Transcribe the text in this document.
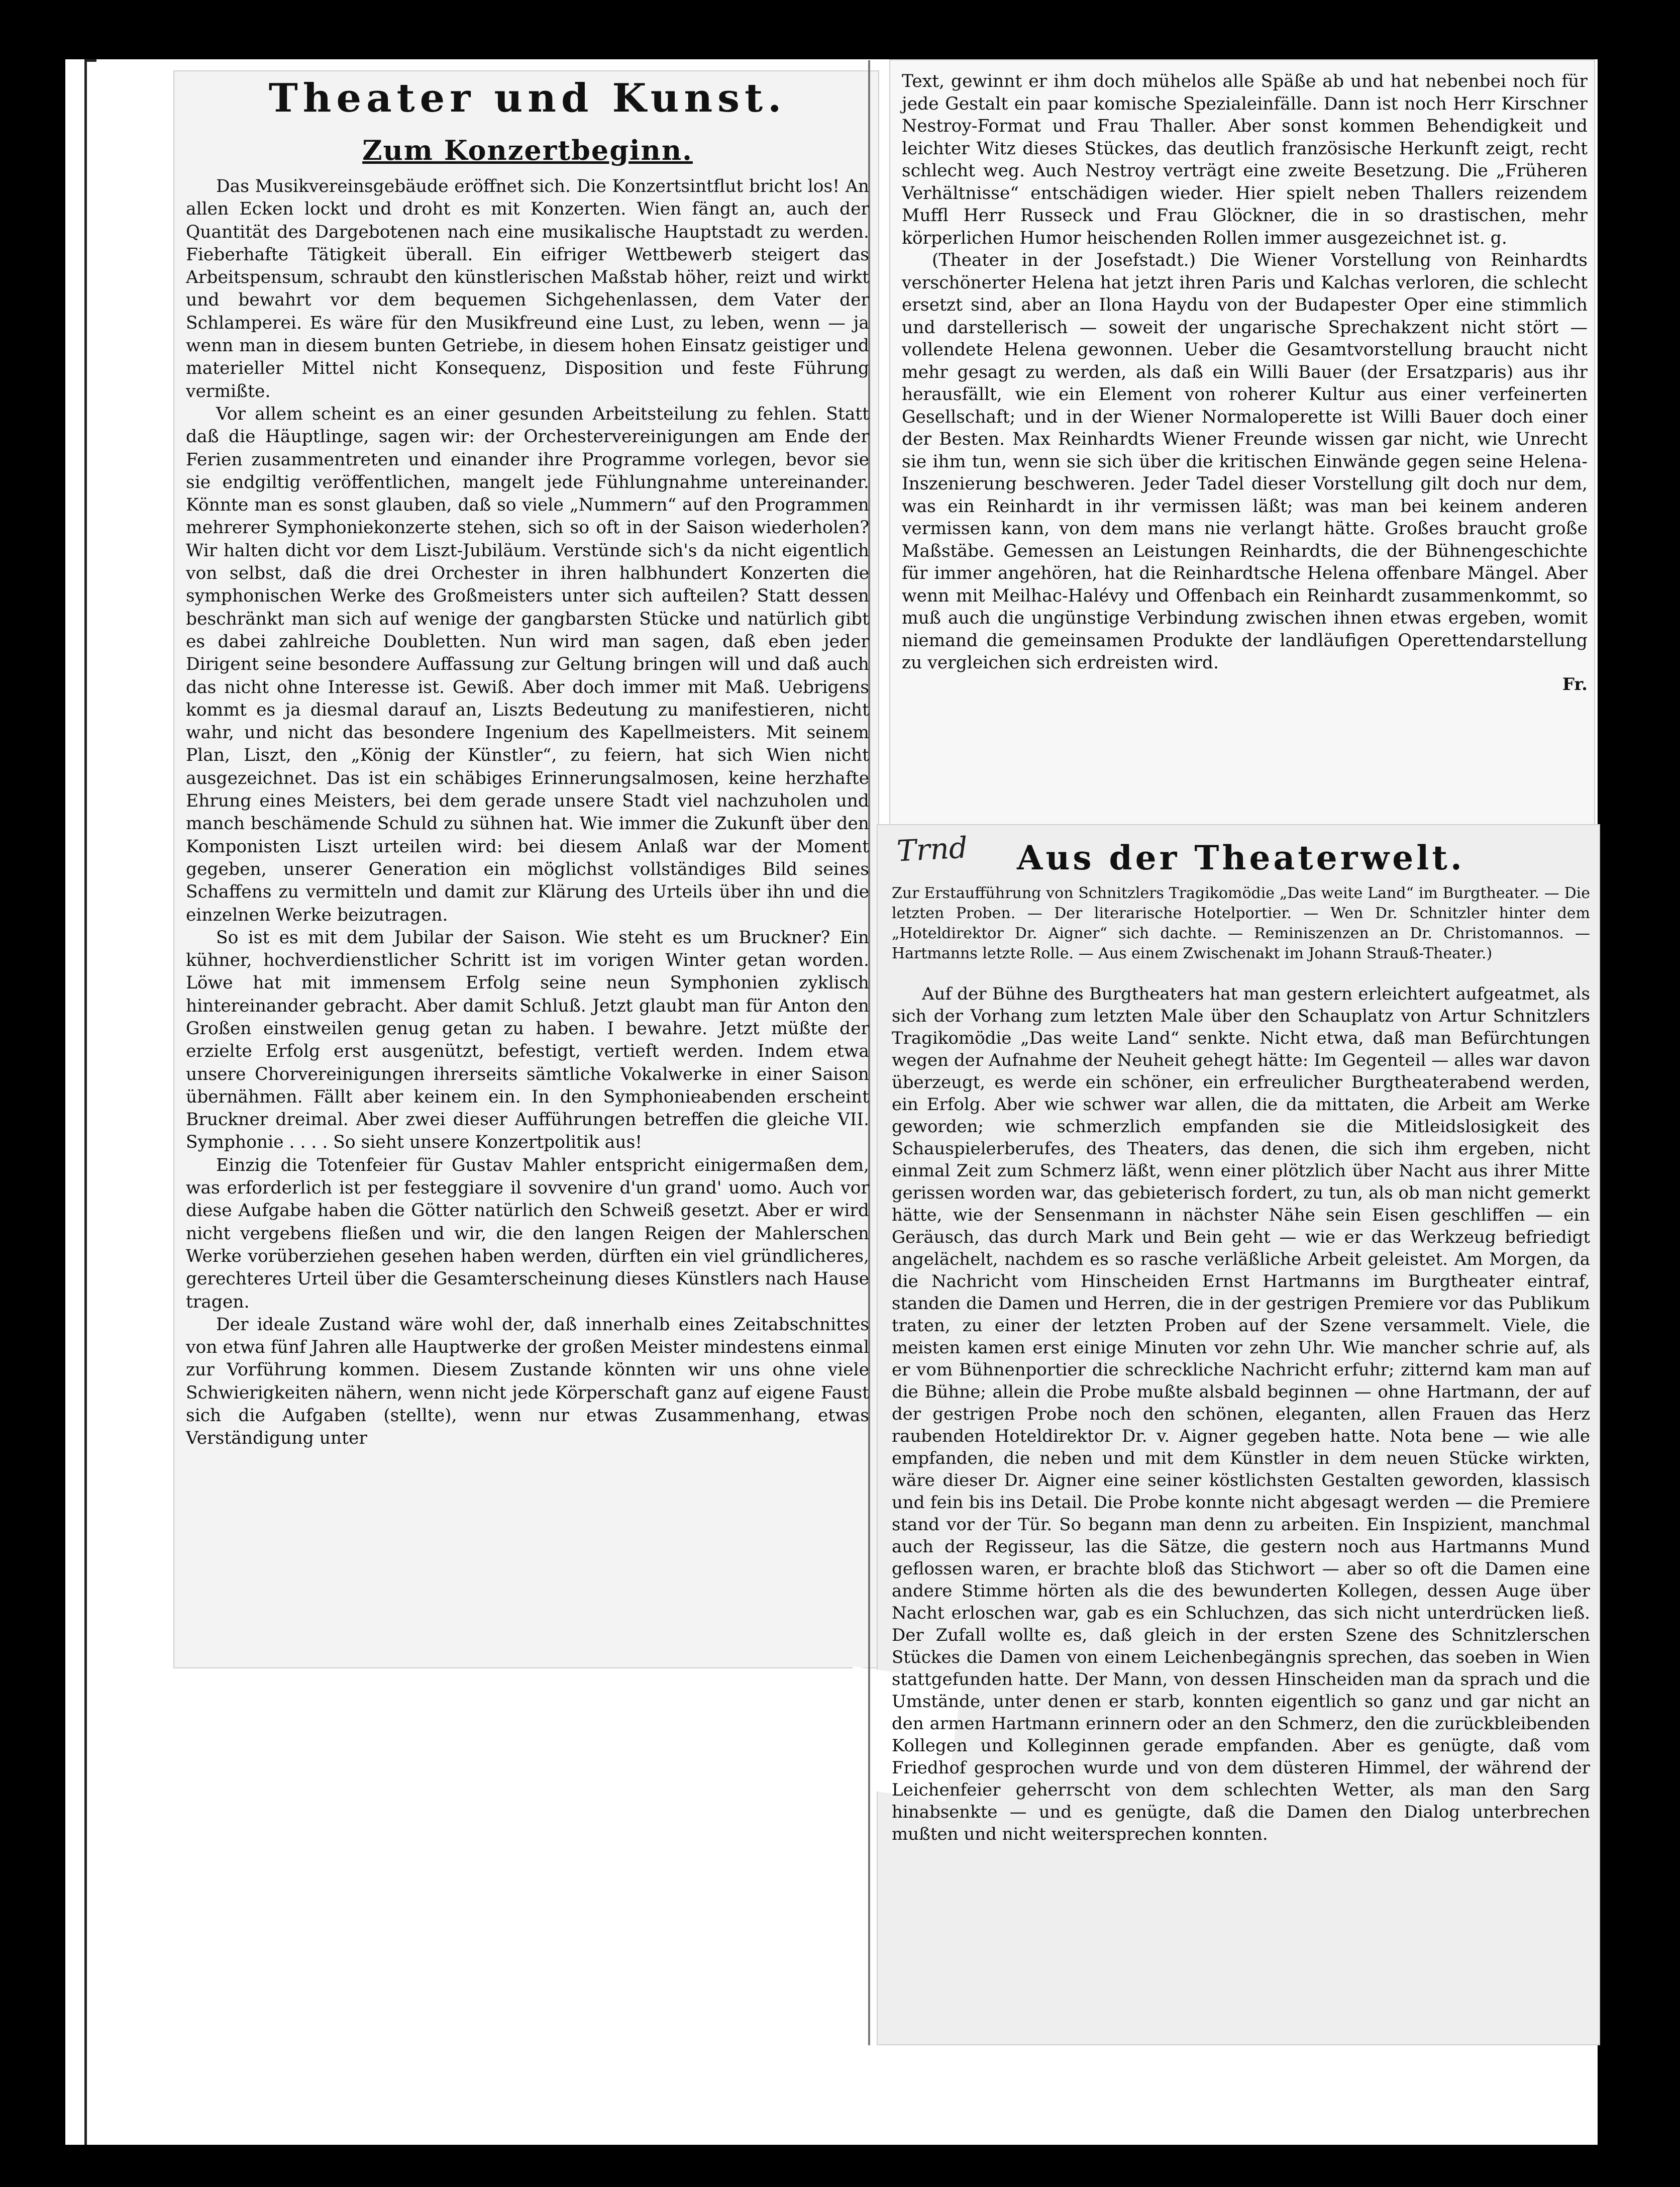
Theater und Kunst.
Zum Konzertbeginn.

Das Musikvereinsgebäude eröffnet sich. Die Konzertsintflut bricht los! An allen Ecken lockt und droht es mit Konzerten. Wien fängt an, auch der Quantität des Dargebotenen nach eine musikalische Hauptstadt zu werden. Fieberhafte Tätigkeit überall. Ein eifriger Wettbewerb steigert das Arbeitspensum, schraubt den künstlerischen Maßstab höher, reizt und wirkt und bewahrt vor dem bequemen Sichgehenlassen, dem Vater der Schlamperei. Es wäre für den Musikfreund eine Lust, zu leben, wenn — ja wenn man in diesem bunten Getriebe, in diesem hohen Einsatz geistiger und materieller Mittel nicht Konsequenz, Disposition und feste Führung vermißte.

Vor allem scheint es an einer gesunden Arbeitsteilung zu fehlen. Statt daß die Häuptlinge, sagen wir: der Orchestervereinigungen am Ende der Ferien zusammentreten und einander ihre Programme vorlegen, bevor sie sie endgiltig veröffentlichen, mangelt jede Fühlungnahme untereinander. Könnte man es sonst glauben, daß so viele „Nummern“ auf den Programmen mehrerer Symphoniekonzerte stehen, sich so oft in der Saison wiederholen? Wir halten dicht vor dem Liszt-Jubiläum. Verstünde sich's da nicht eigentlich von selbst, daß die drei Orchester in ihren halbhundert Konzerten die symphonischen Werke des Großmeisters unter sich aufteilen? Statt dessen beschränkt man sich auf wenige der gangbarsten Stücke und natürlich gibt es dabei zahlreiche Doubletten. Nun wird man sagen, daß eben jeder Dirigent seine besondere Auffassung zur Geltung bringen will und daß auch das nicht ohne Interesse ist. Gewiß. Aber doch immer mit Maß. Uebrigens kommt es ja diesmal darauf an, Liszts Bedeutung zu manifestieren, nicht wahr, und nicht das besondere Ingenium des Kapellmeisters. Mit seinem Plan, Liszt, den „König der Künstler“, zu feiern, hat sich Wien nicht ausgezeichnet. Das ist ein schäbiges Erinnerungsalmosen, keine herzhafte Ehrung eines Meisters, bei dem gerade unsere Stadt viel nachzuholen und manch beschämende Schuld zu sühnen hat. Wie immer die Zukunft über den Komponisten Liszt urteilen wird: bei diesem Anlaß war der Moment gegeben, unserer Generation ein möglichst vollständiges Bild seines Schaffens zu vermitteln und damit zur Klärung des Urteils über ihn und die einzelnen Werke beizutragen.

So ist es mit dem Jubilar der Saison. Wie steht es um Bruckner? Ein kühner, hochverdienstlicher Schritt ist im vorigen Winter getan worden. Löwe hat mit immensem Erfolg seine neun Symphonien zyklisch hintereinander gebracht. Aber damit Schluß. Jetzt glaubt man für Anton den Großen einstweilen genug getan zu haben. I bewahre. Jetzt müßte der erzielte Erfolg erst ausgenützt, befestigt, vertieft werden. Indem etwa unsere Chorvereinigungen ihrerseits sämtliche Vokalwerke in einer Saison übernähmen. Fällt aber keinem ein. In den Symphonieabenden erscheint Bruckner dreimal. Aber zwei dieser Aufführungen betreffen die gleiche VII. Symphonie . . . . So sieht unsere Konzertpolitik aus!

Einzig die Totenfeier für Gustav Mahler entspricht einigermaßen dem, was erforderlich ist per festeggiare il sovvenire d'un grand' uomo. Auch vor diese Aufgabe haben die Götter natürlich den Schweiß gesetzt. Aber er wird nicht vergebens fließen und wir, die den langen Reigen der Mahlerschen Werke vorüberziehen gesehen haben werden, dürften ein viel gründlicheres, gerechteres Urteil über die Gesamterscheinung dieses Künstlers nach Hause tragen.

Der ideale Zustand wäre wohl der, daß innerhalb eines Zeitabschnittes von etwa fünf Jahren alle Hauptwerke der großen Meister mindestens einmal zur Vorführung kommen. Diesem Zustande könnten wir uns ohne viele Schwierigkeiten nähern, wenn nicht jede Körperschaft ganz auf eigene Faust sich die Aufgaben (stellte), wenn nur etwas Zusammenhang, etwas Verständigung unter

Text, gewinnt er ihm doch mühelos alle Späße ab und hat nebenbei noch für jede Gestalt ein paar komische Spezialeinfälle. Dann ist noch Herr Kirschner Nestroy-Format und Frau Thaller. Aber sonst kommen Behendigkeit und leichter Witz dieses Stückes, das deutlich französische Herkunft zeigt, recht schlecht weg. Auch Nestroy verträgt eine zweite Besetzung. Die „Früheren Verhältnisse“ entschädigen wieder. Hier spielt neben Thallers reizendem Muffl Herr Russeck und Frau Glöckner, die in so drastischen, mehr körperlichen Humor heischenden Rollen immer ausgezeichnet ist. g.

(Theater in der Josefstadt.) Die Wiener Vorstellung von Reinhardts verschönerter Helena hat jetzt ihren Paris und Kalchas verloren, die schlecht ersetzt sind, aber an Ilona Haydu von der Budapester Oper eine stimmlich und darstellerisch — soweit der ungarische Sprechakzent nicht stört — vollendete Helena gewonnen. Ueber die Gesamtvorstellung braucht nicht mehr gesagt zu werden, als daß ein Willi Bauer (der Ersatzparis) aus ihr herausfällt, wie ein Element von roherer Kultur aus einer verfeinerten Gesellschaft; und in der Wiener Normaloperette ist Willi Bauer doch einer der Besten. Max Reinhardts Wiener Freunde wissen gar nicht, wie Unrecht sie ihm tun, wenn sie sich über die kritischen Einwände gegen seine Helena-Inszenierung beschweren. Jeder Tadel dieser Vorstellung gilt doch nur dem, was ein Reinhardt in ihr vermissen läßt; was man bei keinem anderen vermissen kann, von dem mans nie verlangt hätte. Großes braucht große Maßstäbe. Gemessen an Leistungen Reinhardts, die der Bühnengeschichte für immer angehören, hat die Reinhardtsche Helena offenbare Mängel. Aber wenn mit Meilhac-Halévy und Offenbach ein Reinhardt zusammenkommt, so muß auch die ungünstige Verbindung zwischen ihnen etwas ergeben, womit niemand die gemeinsamen Produkte der landläufigen Operettendarstellung zu vergleichen sich erdreisten wird.

Fr.
Trnd	Aus der Theaterwelt.
Zur Erstaufführung von Schnitzlers Tragikomödie „Das weite Land“ im Burgtheater. — Die letzten Proben. — Der literarische Hotelportier. — Wen Dr. Schnitzler hinter dem „Hoteldirektor Dr. Aigner“ sich dachte. — Reminiszenzen an Dr. Christomannos. — Hartmanns letzte Rolle. — Aus einem Zwischenakt im Johann Strauß-Theater.)

Auf der Bühne des Burgtheaters hat man gestern erleichtert aufgeatmet, als sich der Vorhang zum letzten Male über den Schauplatz von Artur Schnitzlers Tragikomödie „Das weite Land“ senkte. Nicht etwa, daß man Befürchtungen wegen der Aufnahme der Neuheit gehegt hätte: Im Gegenteil — alles war davon überzeugt, es werde ein schöner, ein erfreulicher Burgtheaterabend werden, ein Erfolg. Aber wie schwer war allen, die da mittaten, die Arbeit am Werke geworden; wie schmerzlich empfanden sie die Mitleidslosigkeit des Schauspielerberufes, des Theaters, das denen, die sich ihm ergeben, nicht einmal Zeit zum Schmerz läßt, wenn einer plötzlich über Nacht aus ihrer Mitte gerissen worden war, das gebieterisch fordert, zu tun, als ob man nicht gemerkt hätte, wie der Sensenmann in nächster Nähe sein Eisen geschliffen — ein Geräusch, das durch Mark und Bein geht — wie er das Werkzeug befriedigt angelächelt, nachdem es so rasche verläßliche Arbeit geleistet. Am Morgen, da die Nachricht vom Hinscheiden Ernst Hartmanns im Burgtheater eintraf, standen die Damen und Herren, die in der gestrigen Premiere vor das Publikum traten, zu einer der letzten Proben auf der Szene versammelt. Viele, die meisten kamen erst einige Minuten vor zehn Uhr. Wie mancher schrie auf, als er vom Bühnenportier die schreckliche Nachricht erfuhr; zitternd kam man auf die Bühne; allein die Probe mußte alsbald beginnen — ohne Hartmann, der auf der gestrigen Probe noch den schönen, eleganten, allen Frauen das Herz raubenden Hoteldirektor Dr. v. Aigner gegeben hatte. Nota bene — wie alle empfanden, die neben und mit dem Künstler in dem neuen Stücke wirkten, wäre dieser Dr. Aigner eine seiner köstlichsten Gestalten geworden, klassisch und fein bis ins Detail. Die Probe konnte nicht abgesagt werden — die Premiere stand vor der Tür. So begann man denn zu arbeiten. Ein Inspizient, manchmal auch der Regisseur, las die Sätze, die gestern noch aus Hartmanns Mund geflossen waren, er brachte bloß das Stichwort — aber so oft die Damen eine andere Stimme hörten als die des bewunderten Kollegen, dessen Auge über Nacht erloschen war, gab es ein Schluchzen, das sich nicht unterdrücken ließ. Der Zufall wollte es, daß gleich in der ersten Szene des Schnitzlerschen Stückes die Damen von einem Leichenbegängnis sprechen, das soeben in Wien stattgefunden hatte. Der Mann, von dessen Hinscheiden man da sprach und die Umstände, unter denen er starb, konnten eigentlich so ganz und gar nicht an den armen Hartmann erinnern oder an den Schmerz, den die zurückbleibenden Kollegen und Kolleginnen gerade empfanden. Aber es genügte, daß vom Friedhof gesprochen wurde und von dem düsteren Himmel, der während der Leichenfeier geherrscht von dem schlechten Wetter, als man den Sarg hinabsenkte — und es genügte, daß die Damen den Dialog unterbrechen mußten und nicht weitersprechen konnten.
